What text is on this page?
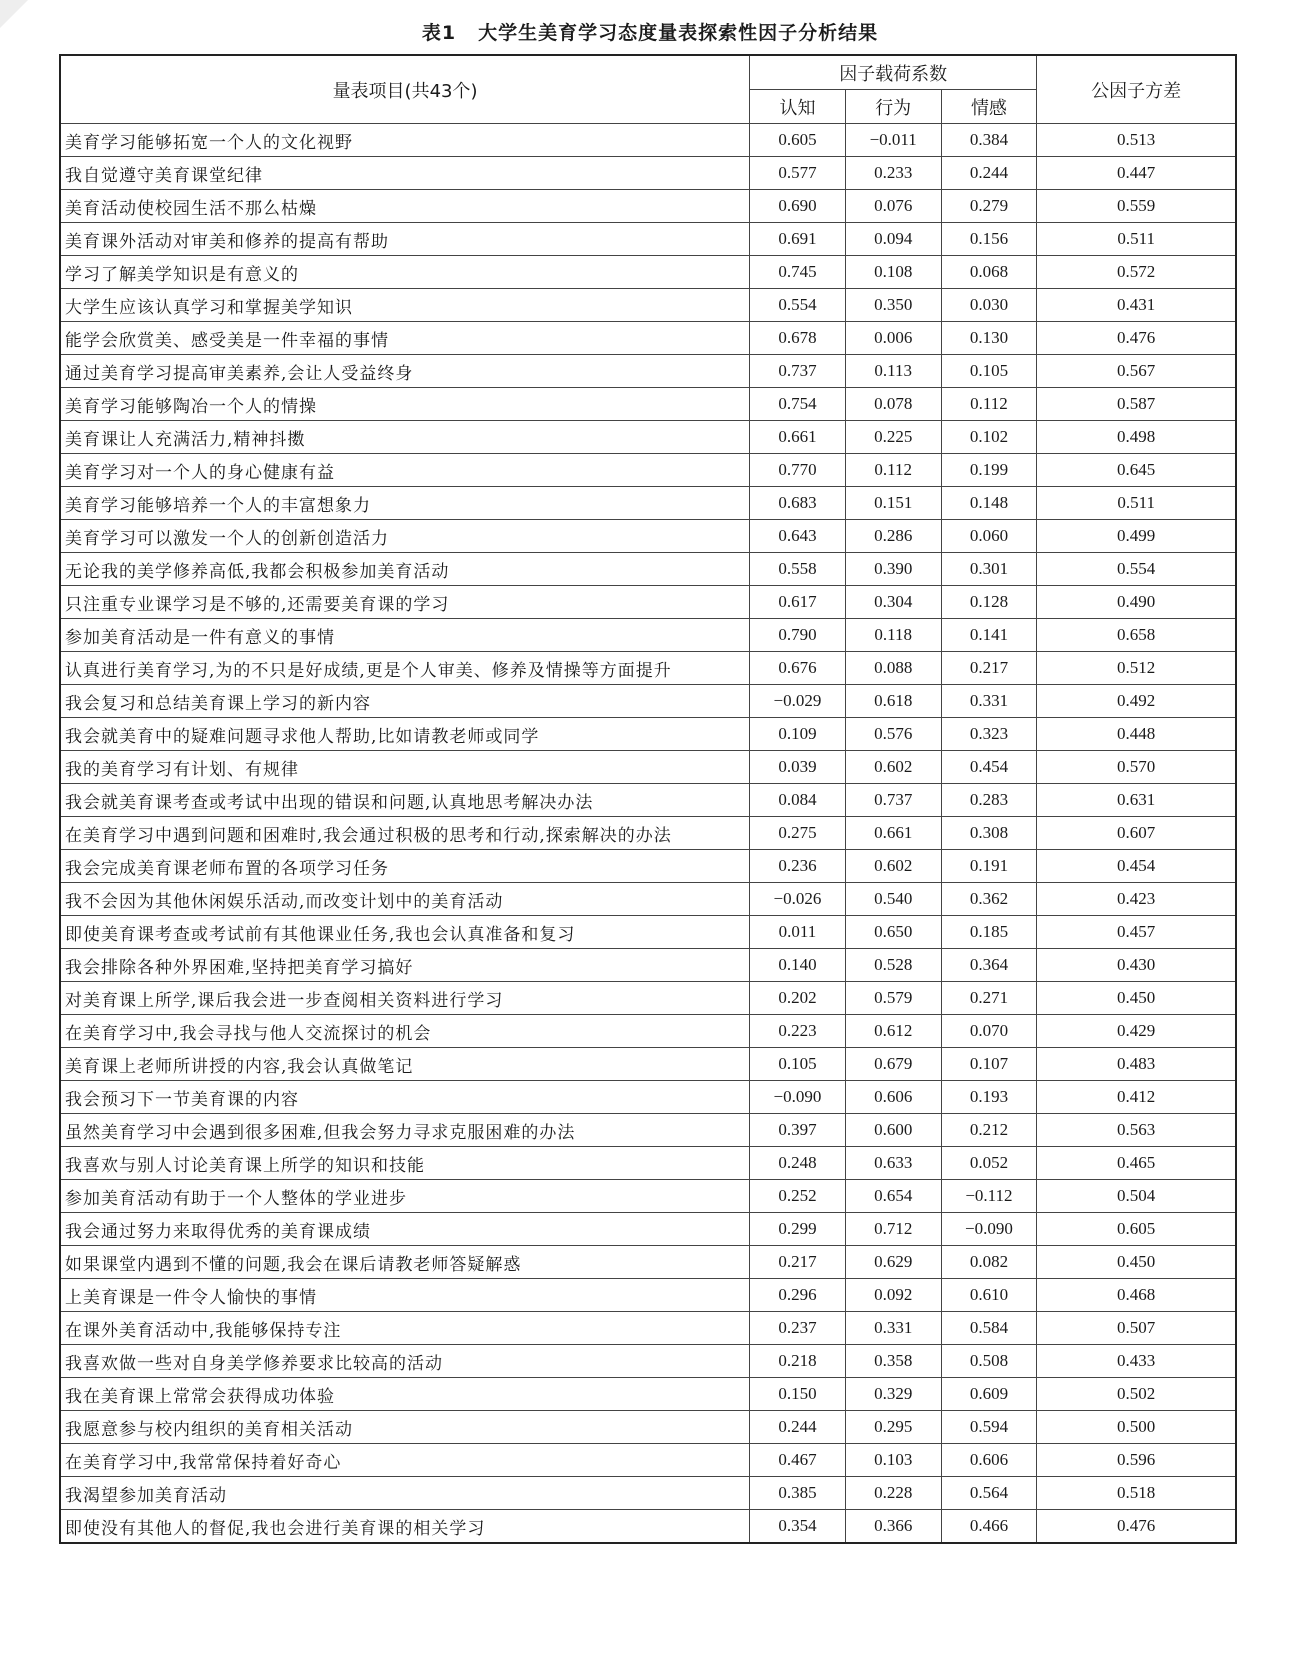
表1 大学生美育学习态度量表探索性因子分析结果
量表项目(共43个)	因子载荷系数			公因子方差
	认知	行为	情感	
美育学习能够拓宽一个人的文化视野	0.605	−0.011	0.384	0.513
我自觉遵守美育课堂纪律	0.577	0.233	0.244	0.447
美育活动使校园生活不那么枯燥	0.690	0.076	0.279	0.559
美育课外活动对审美和修养的提高有帮助	0.691	0.094	0.156	0.511
学习了解美学知识是有意义的	0.745	0.108	0.068	0.572
大学生应该认真学习和掌握美学知识	0.554	0.350	0.030	0.431
能学会欣赏美、感受美是一件幸福的事情	0.678	0.006	0.130	0.476
通过美育学习提高审美素养,会让人受益终身	0.737	0.113	0.105	0.567
美育学习能够陶冶一个人的情操	0.754	0.078	0.112	0.587
美育课让人充满活力,精神抖擞	0.661	0.225	0.102	0.498
美育学习对一个人的身心健康有益	0.770	0.112	0.199	0.645
美育学习能够培养一个人的丰富想象力	0.683	0.151	0.148	0.511
美育学习可以激发一个人的创新创造活力	0.643	0.286	0.060	0.499
无论我的美学修养高低,我都会积极参加美育活动	0.558	0.390	0.301	0.554
只注重专业课学习是不够的,还需要美育课的学习	0.617	0.304	0.128	0.490
参加美育活动是一件有意义的事情	0.790	0.118	0.141	0.658
认真进行美育学习,为的不只是好成绩,更是个人审美、修养及情操等方面提升	0.676	0.088	0.217	0.512
我会复习和总结美育课上学习的新内容	−0.029	0.618	0.331	0.492
我会就美育中的疑难问题寻求他人帮助,比如请教老师或同学	0.109	0.576	0.323	0.448
我的美育学习有计划、有规律	0.039	0.602	0.454	0.570
我会就美育课考查或考试中出现的错误和问题,认真地思考解决办法	0.084	0.737	0.283	0.631
在美育学习中遇到问题和困难时,我会通过积极的思考和行动,探索解决的办法	0.275	0.661	0.308	0.607
我会完成美育课老师布置的各项学习任务	0.236	0.602	0.191	0.454
我不会因为其他休闲娱乐活动,而改变计划中的美育活动	−0.026	0.540	0.362	0.423
即使美育课考查或考试前有其他课业任务,我也会认真准备和复习	0.011	0.650	0.185	0.457
我会排除各种外界困难,坚持把美育学习搞好	0.140	0.528	0.364	0.430
对美育课上所学,课后我会进一步查阅相关资料进行学习	0.202	0.579	0.271	0.450
在美育学习中,我会寻找与他人交流探讨的机会	0.223	0.612	0.070	0.429
美育课上老师所讲授的内容,我会认真做笔记	0.105	0.679	0.107	0.483
我会预习下一节美育课的内容	−0.090	0.606	0.193	0.412
虽然美育学习中会遇到很多困难,但我会努力寻求克服困难的办法	0.397	0.600	0.212	0.563
我喜欢与别人讨论美育课上所学的知识和技能	0.248	0.633	0.052	0.465
参加美育活动有助于一个人整体的学业进步	0.252	0.654	−0.112	0.504
我会通过努力来取得优秀的美育课成绩	0.299	0.712	−0.090	0.605
如果课堂内遇到不懂的问题,我会在课后请教老师答疑解惑	0.217	0.629	0.082	0.450
上美育课是一件令人愉快的事情	0.296	0.092	0.610	0.468
在课外美育活动中,我能够保持专注	0.237	0.331	0.584	0.507
我喜欢做一些对自身美学修养要求比较高的活动	0.218	0.358	0.508	0.433
我在美育课上常常会获得成功体验	0.150	0.329	0.609	0.502
我愿意参与校内组织的美育相关活动	0.244	0.295	0.594	0.500
在美育学习中,我常常保持着好奇心	0.467	0.103	0.606	0.596
我渴望参加美育活动	0.385	0.228	0.564	0.518
即使没有其他人的督促,我也会进行美育课的相关学习	0.354	0.366	0.466	0.476
